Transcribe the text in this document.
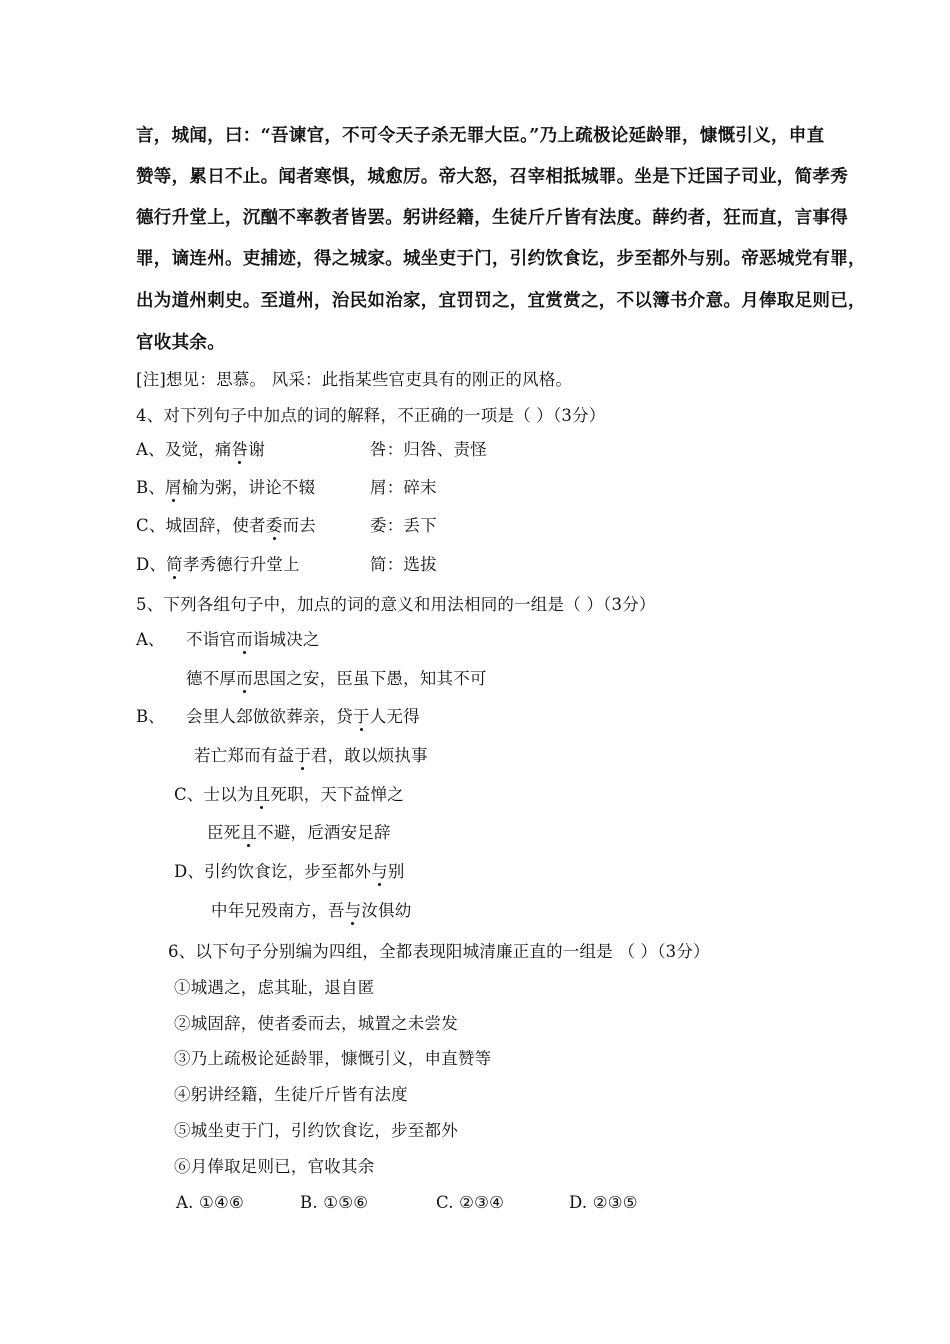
言，城闻，曰：“吾谏官，不可令天子杀无罪大臣。”乃上疏极论延龄罪，慷慨引义，申直

赞等，累日不止。闻者寒惧，城愈厉。帝大怒，召宰相抵城罪。坐是下迁国子司业，简孝秀

德行升堂上，沉酗不率教者皆罢。躬讲经籍，生徒斤斤皆有法度。薛约者，狂而直，言事得

罪，谪连州。吏捕迹，得之城家。城坐吏于门，引约饮食讫，步至都外与别。帝恶城党有罪，

出为道州刺史。至道州，治民如治家，宜罚罚之，宜赏赏之，不以簿书介意。月俸取足则已，

官收其余。

[注]想见：思慕。 风采：此指某些官吏具有的刚正的风格。

4、对下列句子中加点的词的解释，不正确的一项是（ ）（3分）

A、及觉，痛咎谢	咎：归咎、责怪

B、屑榆为粥，讲论不辍	屑：碎末

C、城固辞，使者委而去	委：丢下

D、简孝秀德行升堂上	简：选拔

5、下列各组句子中，加点的词的意义和用法相同的一组是（ ）（3分）

A、 不诣官而诣城决之

德不厚而思国之安，臣虽下愚，知其不可

B、 会里人郐倣欲葬亲，贷于人无得

若亡郑而有益于君，敢以烦执事

C、士以为且死职，天下益惮之

臣死且不避，卮酒安足辞

D、引约饮食讫，步至都外与别

中年兄殁南方，吾与汝俱幼

6、以下句子分别编为四组，全都表现阳城清廉正直的一组是 （ ）（3分）

①城遇之，虑其耻，退自匿

②城固辞，使者委而去，城置之未尝发

③乃上疏极论延龄罪，慷慨引义，申直赞等

④躬讲经籍，生徒斤斤皆有法度

⑤城坐吏于门，引约饮食讫，步至都外

⑥月俸取足则已，官收其余

A. ①④⑥	B. ①⑤⑥	C. ②③④	D. ②③⑤
